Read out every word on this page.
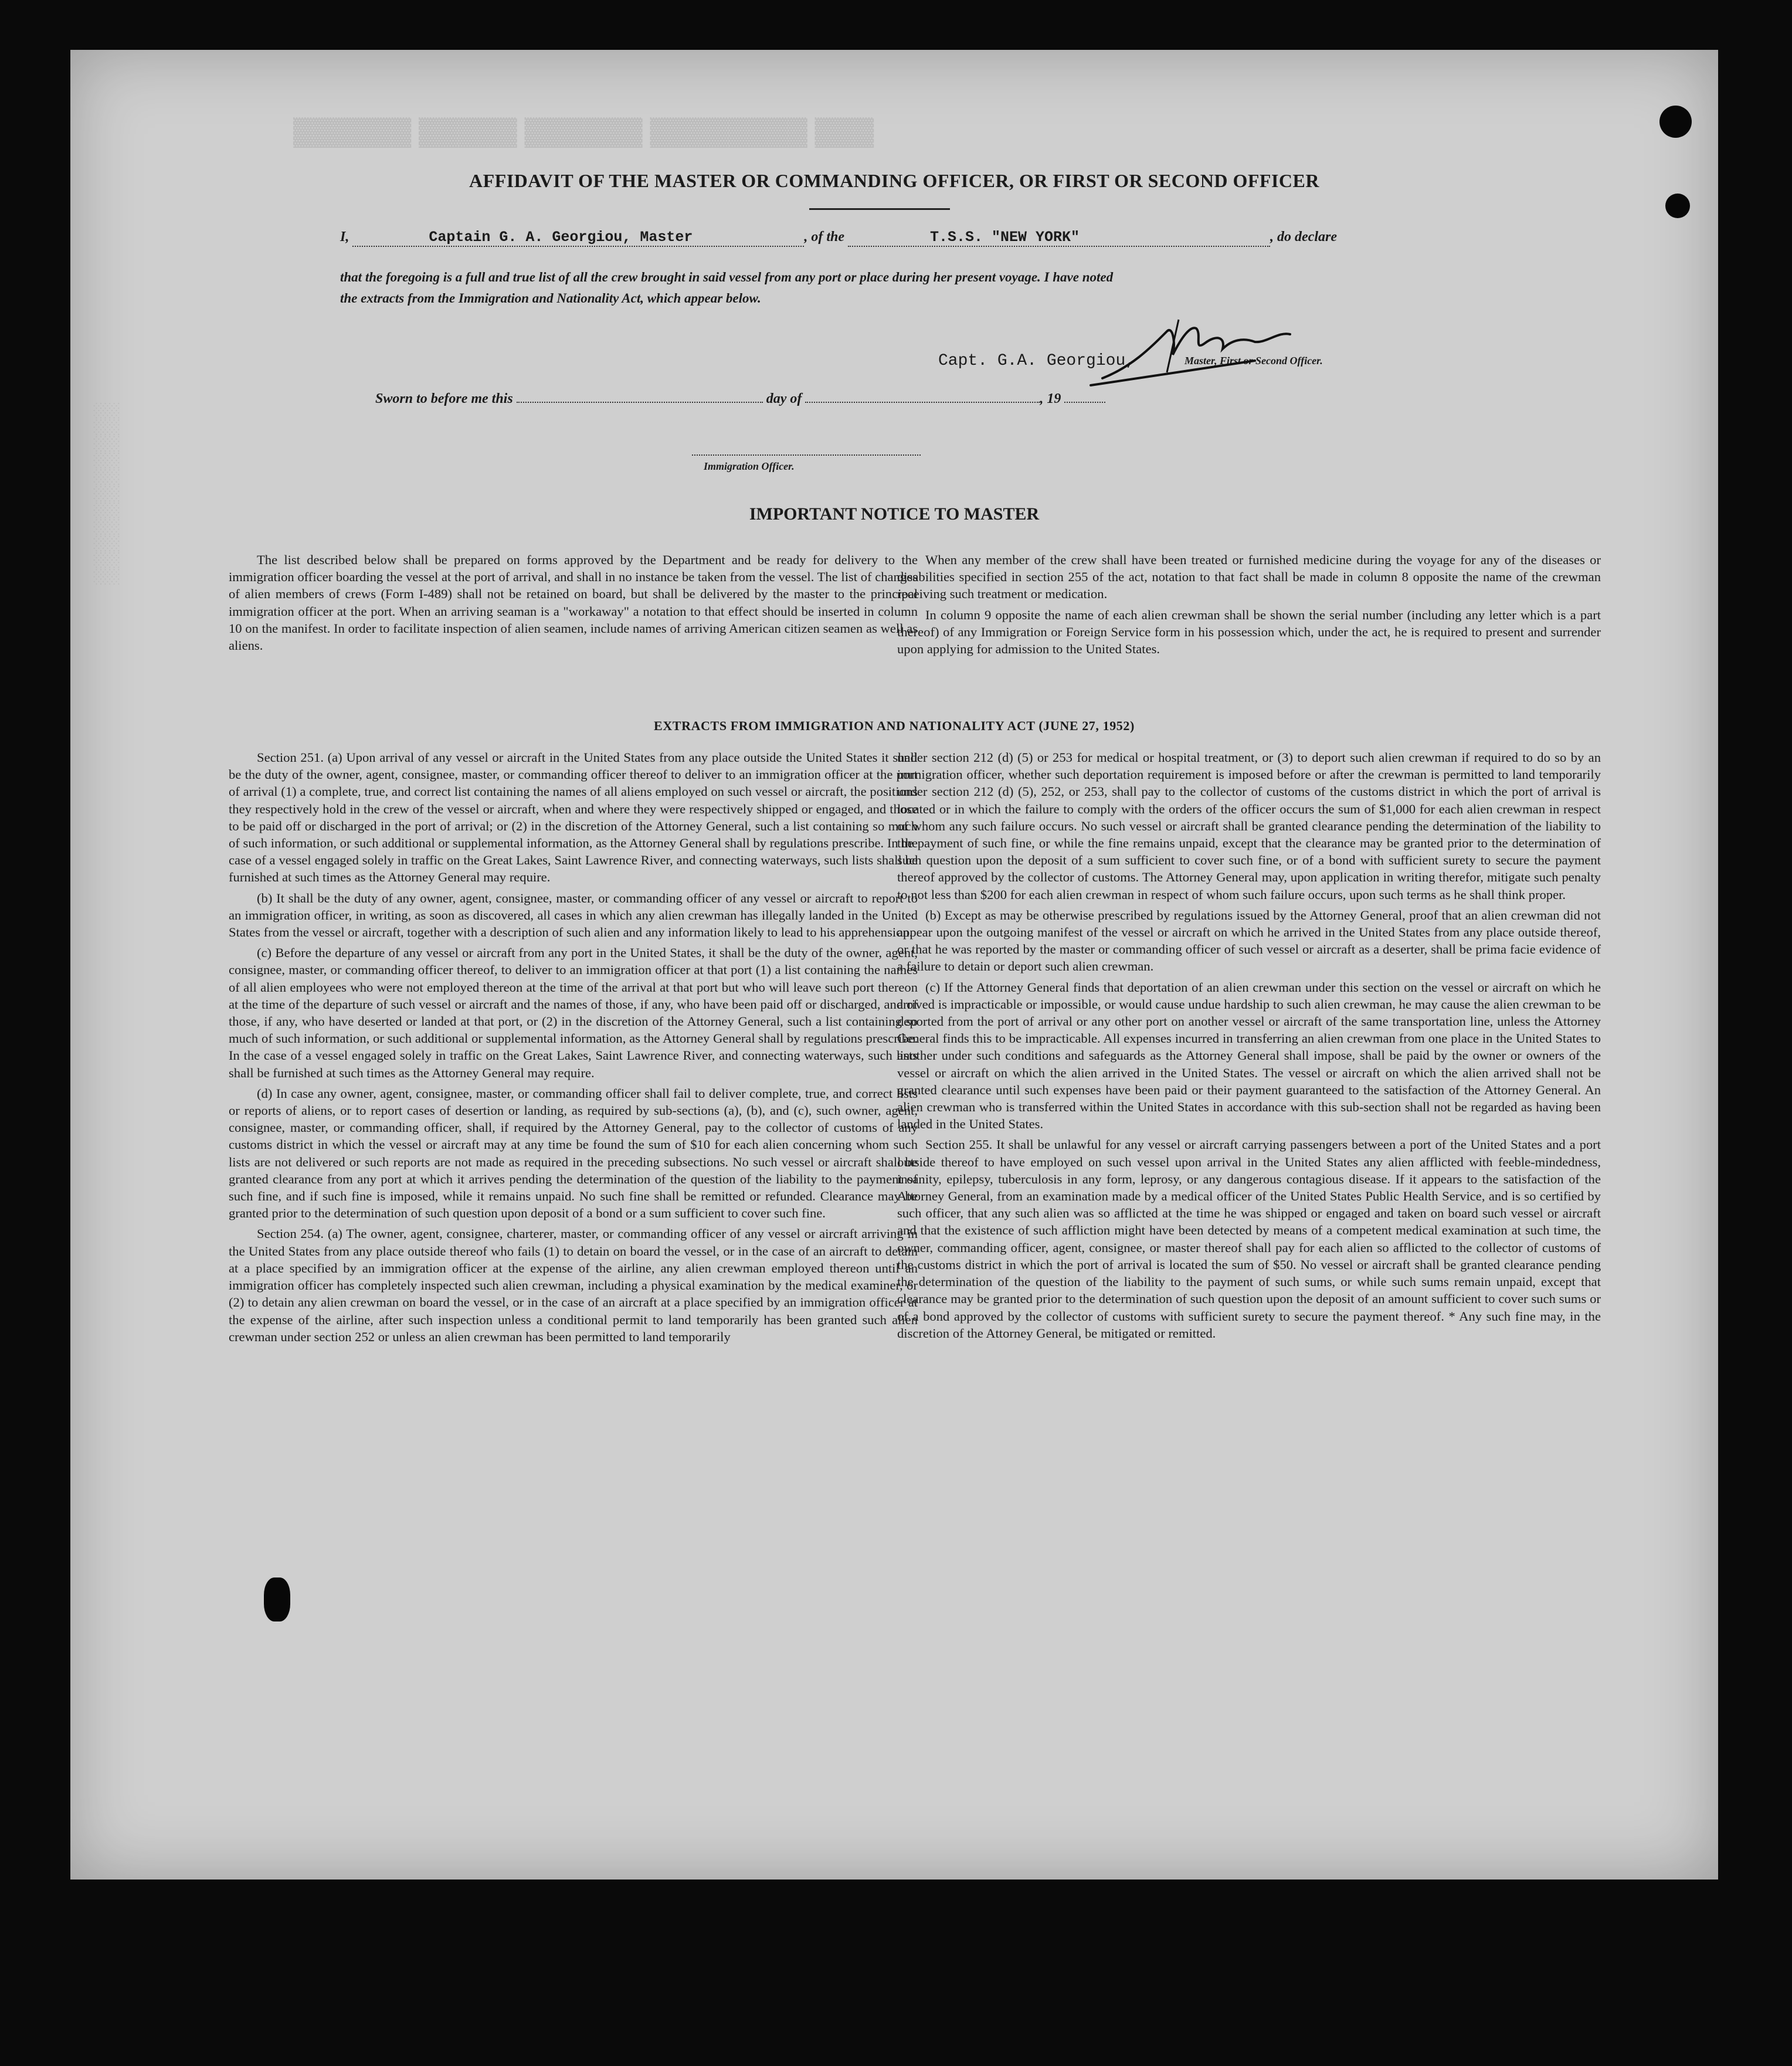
▓▓▓ ▓▓▓▓▓▓▓▓ ▓▓▓▓▓▓ ▓▓▓▓▓ ▓▓▓▓▓▓
░░░░░░░░░░░
AFFIDAVIT OF THE MASTER OR COMMANDING OFFICER, OR FIRST OR SECOND OFFICER
I,	Captain G. A. Georgiou, Master	, of the	T.S.S. "NEW YORK"	, do declare
that the foregoing is a full and true list of all the crew brought in said vessel from any port or place during her present voyage. I have noted
the extracts from the Immigration and Nationality Act, which appear below.
Capt. G.A. Georgiou,	Master, First or Second Officer.
Sworn to before me this	day of	, 19
Immigration Officer.
IMPORTANT NOTICE TO MASTER

The list described below shall be prepared on forms approved by the Department and be ready for delivery to the immigration officer boarding the vessel at the port of arrival, and shall in no instance be taken from the vessel. The list of changes of alien members of crews (Form I-489) shall not be retained on board, but shall be delivered by the master to the principal immigration officer at the port. When an arriving seaman is a "workaway" a notation to that effect should be inserted in column 10 on the manifest. In order to facilitate inspection of alien seamen, include names of arriving American citizen seamen as well as aliens.

When any member of the crew shall have been treated or furnished medicine during the voyage for any of the diseases or disabilities specified in section 255 of the act, notation to that fact shall be made in column 8 opposite the name of the crewman receiving such treatment or medication.

In column 9 opposite the name of each alien crewman shall be shown the serial number (including any letter which is a part thereof) of any Immigration or Foreign Service form in his possession which, under the act, he is required to present and surrender upon applying for admission to the United States.

EXTRACTS FROM IMMIGRATION AND NATIONALITY ACT (JUNE 27, 1952)

Section 251. (a) Upon arrival of any vessel or aircraft in the United States from any place outside the United States it shall be the duty of the owner, agent, consignee, master, or commanding officer thereof to deliver to an immigration officer at the port of arrival (1) a complete, true, and correct list containing the names of all aliens employed on such vessel or aircraft, the positions they respectively hold in the crew of the vessel or aircraft, when and where they were respectively shipped or engaged, and those to be paid off or discharged in the port of arrival; or (2) in the discretion of the Attorney General, such a list containing so much of such information, or such additional or supplemental information, as the Attorney General shall by regulations prescribe. In the case of a vessel engaged solely in traffic on the Great Lakes, Saint Lawrence River, and connecting waterways, such lists shall be furnished at such times as the Attorney General may require.

(b) It shall be the duty of any owner, agent, consignee, master, or commanding officer of any vessel or aircraft to report to an immigration officer, in writing, as soon as discovered, all cases in which any alien crewman has illegally landed in the United States from the vessel or aircraft, together with a description of such alien and any information likely to lead to his apprehension.

(c) Before the departure of any vessel or aircraft from any port in the United States, it shall be the duty of the owner, agent, consignee, master, or commanding officer thereof, to deliver to an immigration officer at that port (1) a list containing the names of all alien employees who were not employed thereon at the time of the arrival at that port but who will leave such port thereon at the time of the departure of such vessel or aircraft and the names of those, if any, who have been paid off or discharged, and of those, if any, who have deserted or landed at that port, or (2) in the discretion of the Attorney General, such a list containing so much of such information, or such additional or supplemental information, as the Attorney General shall by regulations prescribe. In the case of a vessel engaged solely in traffic on the Great Lakes, Saint Lawrence River, and connecting waterways, such lists shall be furnished at such times as the Attorney General may require.

(d) In case any owner, agent, consignee, master, or commanding officer shall fail to deliver complete, true, and correct lists or reports of aliens, or to report cases of desertion or landing, as required by sub-sections (a), (b), and (c), such owner, agent, consignee, master, or commanding officer, shall, if required by the Attorney General, pay to the collector of customs of any customs district in which the vessel or aircraft may at any time be found the sum of $10 for each alien concerning whom such lists are not delivered or such reports are not made as required in the preceding subsections. No such vessel or aircraft shall be granted clearance from any port at which it arrives pending the determination of the question of the liability to the payment of such fine, and if such fine is imposed, while it remains unpaid. No such fine shall be remitted or refunded. Clearance may be granted prior to the determination of such question upon deposit of a bond or a sum sufficient to cover such fine.

Section 254. (a) The owner, agent, consignee, charterer, master, or commanding officer of any vessel or aircraft arriving in the United States from any place outside thereof who fails (1) to detain on board the vessel, or in the case of an aircraft to detain at a place specified by an immigration officer at the expense of the airline, any alien crewman employed thereon until an immigration officer has completely inspected such alien crewman, including a physical examination by the medical examiner, or (2) to detain any alien crewman on board the vessel, or in the case of an aircraft at a place specified by an immigration officer at the expense of the airline, after such inspection unless a conditional permit to land temporarily has been granted such alien crewman under section 252 or unless an alien crewman has been permitted to land temporarily

under section 212 (d) (5) or 253 for medical or hospital treatment, or (3) to deport such alien crewman if required to do so by an immigration officer, whether such deportation requirement is imposed before or after the crewman is permitted to land temporarily under section 212 (d) (5), 252, or 253, shall pay to the collector of customs of the customs district in which the port of arrival is located or in which the failure to comply with the orders of the officer occurs the sum of $1,000 for each alien crewman in respect of whom any such failure occurs. No such vessel or aircraft shall be granted clearance pending the determination of the liability to the payment of such fine, or while the fine remains unpaid, except that the clearance may be granted prior to the determination of such question upon the deposit of a sum sufficient to cover such fine, or of a bond with sufficient surety to secure the payment thereof approved by the collector of customs. The Attorney General may, upon application in writing therefor, mitigate such penalty to not less than $200 for each alien crewman in respect of whom such failure occurs, upon such terms as he shall think proper.

(b) Except as may be otherwise prescribed by regulations issued by the Attorney General, proof that an alien crewman did not appear upon the outgoing manifest of the vessel or aircraft on which he arrived in the United States from any place outside thereof, or that he was reported by the master or commanding officer of such vessel or aircraft as a deserter, shall be prima facie evidence of a failure to detain or deport such alien crewman.

(c) If the Attorney General finds that deportation of an alien crewman under this section on the vessel or aircraft on which he arrived is impracticable or impossible, or would cause undue hardship to such alien crewman, he may cause the alien crewman to be deported from the port of arrival or any other port on another vessel or aircraft of the same transportation line, unless the Attorney General finds this to be impracticable. All expenses incurred in transferring an alien crewman from one place in the United States to another under such conditions and safeguards as the Attorney General shall impose, shall be paid by the owner or owners of the vessel or aircraft on which the alien arrived in the United States. The vessel or aircraft on which the alien arrived shall not be granted clearance until such expenses have been paid or their payment guaranteed to the satisfaction of the Attorney General. An alien crewman who is transferred within the United States in accordance with this sub-section shall not be regarded as having been landed in the United States.

Section 255. It shall be unlawful for any vessel or aircraft carrying passengers between a port of the United States and a port outside thereof to have employed on such vessel upon arrival in the United States any alien afflicted with feeble-mindedness, insanity, epilepsy, tuberculosis in any form, leprosy, or any dangerous contagious disease. If it appears to the satisfaction of the Attorney General, from an examination made by a medical officer of the United States Public Health Service, and is so certified by such officer, that any such alien was so afflicted at the time he was shipped or engaged and taken on board such vessel or aircraft and that the existence of such affliction might have been detected by means of a competent medical examination at such time, the owner, commanding officer, agent, consignee, or master thereof shall pay for each alien so afflicted to the collector of customs of the customs district in which the port of arrival is located the sum of $50. No vessel or aircraft shall be granted clearance pending the determination of the question of the liability to the payment of such sums, or while such sums remain unpaid, except that clearance may be granted prior to the determination of such question upon the deposit of an amount sufficient to cover such sums or of a bond approved by the collector of customs with sufficient surety to secure the payment thereof. * Any such fine may, in the discretion of the Attorney General, be mitigated or remitted.
